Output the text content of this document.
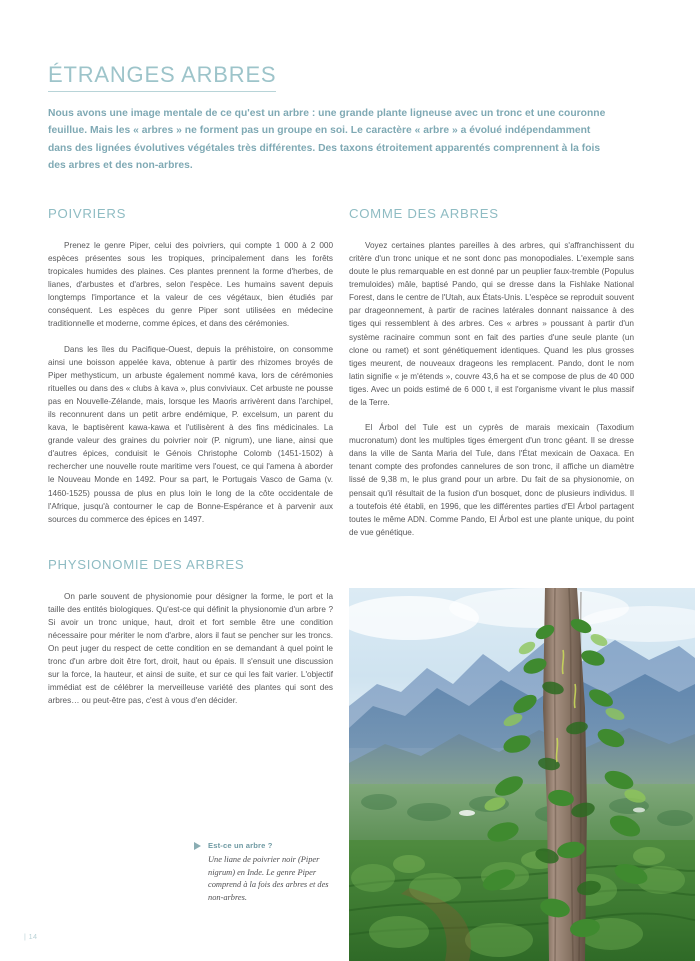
ÉTRANGES ARBRES

Nous avons une image mentale de ce qu'est un arbre : une grande plante ligneuse avec un tronc et une couronne feuillue. Mais les « arbres » ne forment pas un groupe en soi. Le caractère « arbre » a évolué indépendamment dans des lignées évolutives végétales très différentes. Des taxons étroitement apparentés comprennent à la fois des arbres et des non-arbres.

POIVRIERS

Prenez le genre Piper, celui des poivriers, qui compte 1 000 à 2 000 espèces présentes sous les tropiques, principalement dans les forêts tropicales humides des plaines. Ces plantes prennent la forme d'herbes, de lianes, d'arbustes et d'arbres, selon l'espèce. Les humains savent depuis longtemps l'importance et la valeur de ces végétaux, bien étudiés par conséquent. Les espèces du genre Piper sont utilisées en médecine traditionnelle et moderne, comme épices, et dans des cérémonies.

Dans les îles du Pacifique-Ouest, depuis la préhistoire, on consomme ainsi une boisson appelée kava, obtenue à partir des rhizomes broyés de Piper methysticum, un arbuste également nommé kava, lors de cérémonies rituelles ou dans des « clubs à kava », plus conviviaux. Cet arbuste ne pousse pas en Nouvelle-Zélande, mais, lorsque les Maoris arrivèrent dans l'archipel, ils reconnurent dans un petit arbre endémique, P. excelsum, un parent du kava, le baptisèrent kawa-kawa et l'utilisèrent à des fins médicinales. La grande valeur des graines du poivrier noir (P. nigrum), une liane, ainsi que d'autres épices, conduisit le Génois Christophe Colomb (1451-1502) à rechercher une nouvelle route maritime vers l'ouest, ce qui l'amena à aborder le Nouveau Monde en 1492. Pour sa part, le Portugais Vasco de Gama (v. 1460-1525) poussa de plus en plus loin le long de la côte occidentale de l'Afrique, jusqu'à contourner le cap de Bonne-Espérance et à parvenir aux sources du commerce des épices en 1497.

PHYSIONOMIE DES ARBRES

On parle souvent de physionomie pour désigner la forme, le port et la taille des entités biologiques. Qu'est-ce qui définit la physionomie d'un arbre ? Si avoir un tronc unique, haut, droit et fort semble être une condition nécessaire pour mériter le nom d'arbre, alors il faut se pencher sur les troncs. On peut juger du respect de cette condition en se demandant à quel point le tronc d'un arbre doit être fort, droit, haut ou épais. Il s'ensuit une discussion sur la force, la hauteur, et ainsi de suite, et sur ce qui les fait varier. L'objectif immédiat est de célébrer la merveilleuse variété des plantes qui sont des arbres… ou peut-être pas, c'est à vous d'en décider.

COMME DES ARBRES

Voyez certaines plantes pareilles à des arbres, qui s'affranchissent du critère d'un tronc unique et ne sont donc pas monopodiales. L'exemple sans doute le plus remarquable en est donné par un peuplier faux-tremble (Populus tremuloides) mâle, baptisé Pando, qui se dresse dans la Fishlake National Forest, dans le centre de l'Utah, aux États-Unis. L'espèce se reproduit souvent par drageonnement, à partir de racines latérales donnant naissance à des tiges qui ressemblent à des arbres. Ces « arbres » poussant à partir d'un système racinaire commun sont en fait des parties d'une seule plante (un clone ou ramet) et sont génétiquement identiques. Quand les plus grosses tiges meurent, de nouveaux drageons les remplacent. Pando, dont le nom latin signifie « je m'étends », couvre 43,6 ha et se compose de plus de 40 000 tiges. Avec un poids estimé de 6 000 t, il est l'organisme vivant le plus massif de la Terre.

El Árbol del Tule est un cyprès de marais mexicain (Taxodium mucronatum) dont les multiples tiges émergent d'un tronc géant. Il se dresse dans la ville de Santa Maria del Tule, dans l'État mexicain de Oaxaca. En tenant compte des profondes cannelures de son tronc, il affiche un diamètre lissé de 9,38 m, le plus grand pour un arbre. Du fait de sa physionomie, on pensait qu'il résultait de la fusion d'un bosquet, donc de plusieurs individus. Il a toutefois été établi, en 1996, que les différentes parties d'El Árbol partagent toutes le même ADN. Comme Pando, El Árbol est une plante unique, du point de vue génétique.

Est-ce un arbre ?
Une liane de poivrier noir (Piper nigrum) en Inde. Le genre Piper comprend à la fois des arbres et des non-arbres.
| 14
